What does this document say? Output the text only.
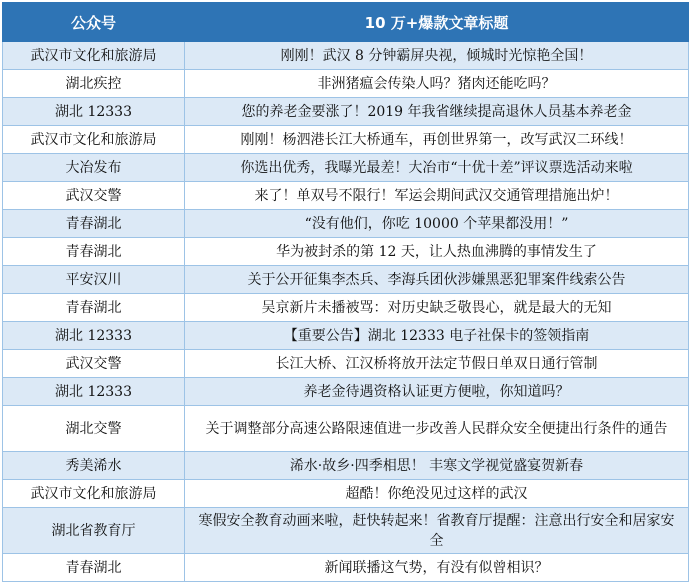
公众号	10 万+爆款文章标题
武汉市文化和旅游局	刚刚！武汉 8 分钟霸屏央视，倾城时光惊艳全国！
湖北疾控	非洲猪瘟会传染人吗？猪肉还能吃吗？
湖北 12333	您的养老金要涨了！2019 年我省继续提高退休人员基本养老金
武汉市文化和旅游局	刚刚！杨泗港长江大桥通车，再创世界第一，改写武汉二环线！
大冶发布	你选出优秀，我曝光最差！大冶市“十优十差”评议票选活动来啦
武汉交警	来了！单双号不限行！军运会期间武汉交通管理措施出炉！
青春湖北	“没有他们，你吃 10000 个苹果都没用！”
青春湖北	华为被封杀的第 12 天，让人热血沸腾的事情发生了
平安汉川	关于公开征集李杰兵、李海兵团伙涉嫌黑恶犯罪案件线索公告
青春湖北	吴京新片未播被骂：对历史缺乏敬畏心，就是最大的无知
湖北 12333	【重要公告】湖北 12333 电子社保卡的签领指南
武汉交警	长江大桥、江汉桥将放开法定节假日单双日通行管制
湖北 12333	养老金待遇资格认证更方便啦，你知道吗？
湖北交警	关于调整部分高速公路限速值进一步改善人民群众安全便捷出行条件的通告
秀美浠水	浠水·故乡·四季相思！ 丰寒文学视觉盛宴贺新春
武汉市文化和旅游局	超酷！你绝没见过这样的武汉
湖北省教育厅	寒假安全教育动画来啦，赶快转起来！省教育厅提醒：注意出行安全和居家安全
青春湖北	新闻联播这气势，有没有似曾相识？
